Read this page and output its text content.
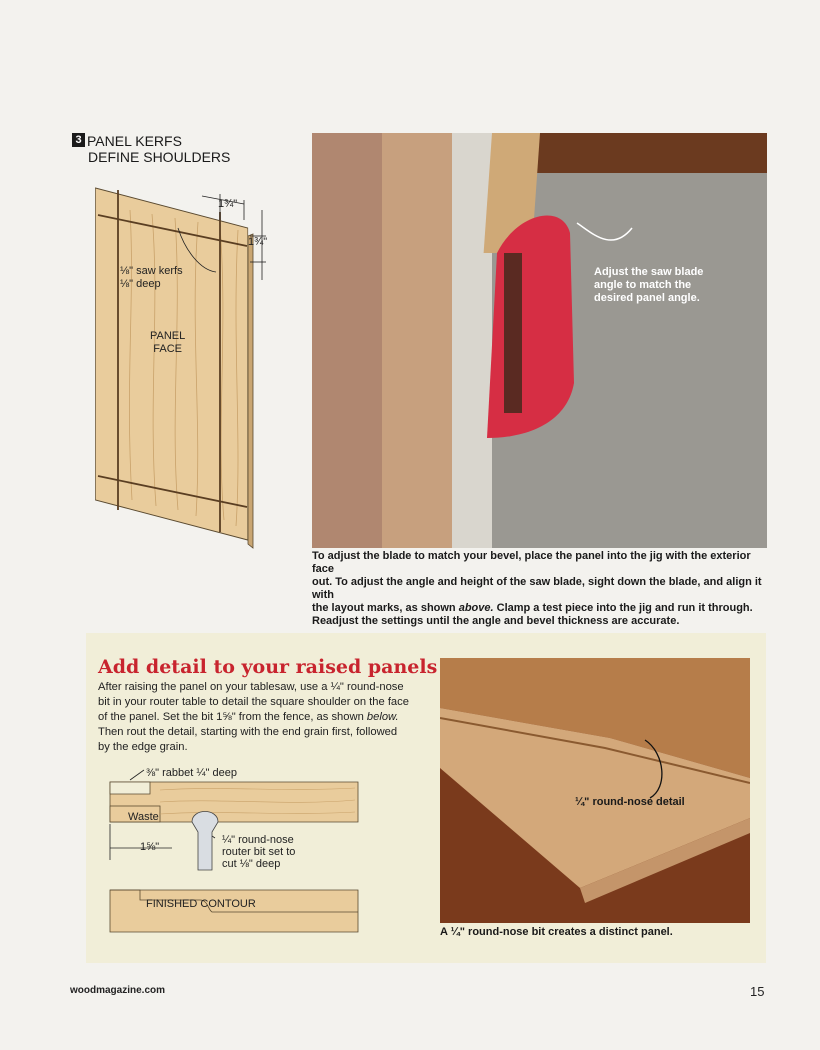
3 PANEL KERFS
DEFINE SHOULDERS
1¾"
1¾"
⅛" saw kerfs
⅛" deep
PANEL
FACE
Adjust the saw blade
angle to match the
desired panel angle.
To adjust the blade to match your bevel, place the panel into the jig with the exterior face
out. To adjust the angle and height of the saw blade, sight down the blade, and align it with
the layout marks, as shown above. Clamp a test piece into the jig and run it through.
Readjust the settings until the angle and bevel thickness are accurate.
Add detail to your raised panels
After raising the panel on your tablesaw, use a ¼" round-nose
bit in your router table to detail the square shoulder on the face
of the panel. Set the bit 1⅝" from the fence, as shown below.
Then rout the detail, starting with the end grain first, followed
by the edge grain.
⅜" rabbet ¼" deep
Waste
1⅝"
¼" round-nose
router bit set to
cut ⅛" deep
FINISHED CONTOUR
¼" round-nose detail
A ¼" round-nose bit creates a distinct panel.
woodmagazine.com	15
